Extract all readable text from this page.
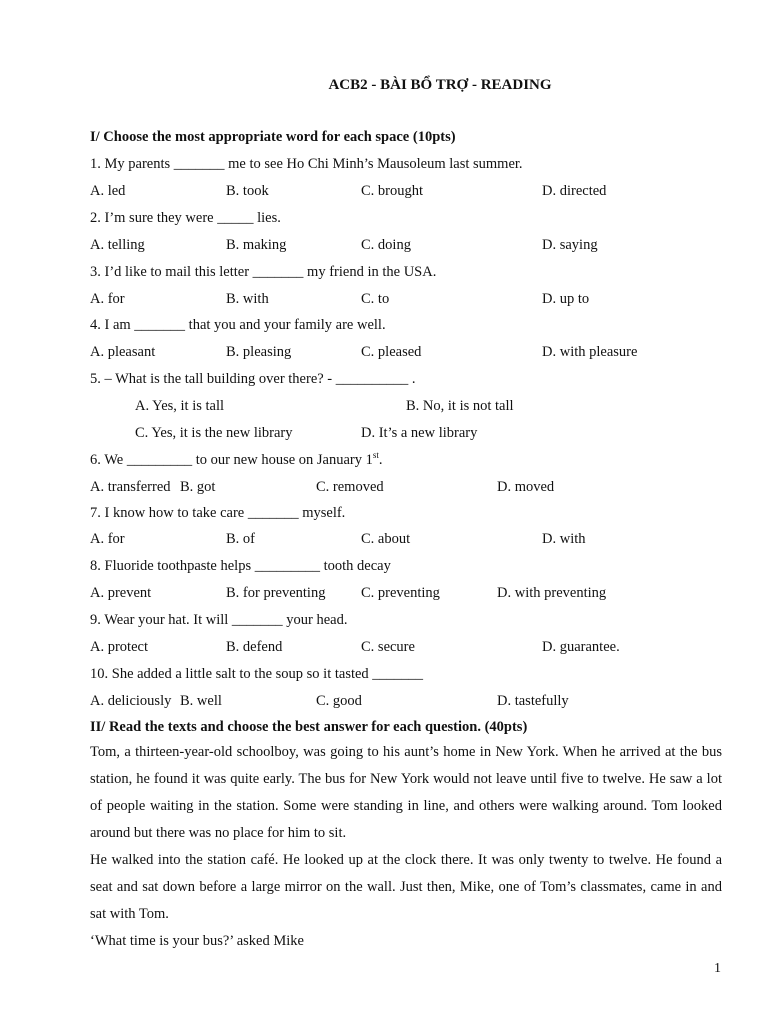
ACB2 - BÀI BỔ TRỢ - READING
I/ Choose the most appropriate word for each space (10pts)
1. My parents _______ me to see Ho Chi Minh’s Mausoleum last summer.
A. led	B. took	C. brought	D. directed
2. I’m sure they were _____ lies.
A. telling	B. making	C. doing	D. saying
3. I’d like to mail this letter _______ my friend in the USA.
A. for	B. with	C. to	D. up to
4. I am _______ that you and your family are well.
A. pleasant	B. pleasing	C. pleased	D. with pleasure
5. – What is the tall building over there? - __________ .
A. Yes, it is tall	B. No, it is not tall
C. Yes, it is the new library	D. It’s a new library
6. We _________ to our new house on January 1st.
A. transferred B. got	C. removed	D. moved
7. I know how to take care _______ myself.
A. for	B. of	C. about	D. with
8. Fluoride toothpaste helps _________ tooth decay
A. prevent	B. for preventing C. preventing	D. with preventing
9. Wear your hat. It will _______ your head.
A. protect	B. defend	C. secure	D. guarantee.
10. She added a little salt to the soup so it tasted _______
A. deliciously B. well	C. good	D. tastefully
II/ Read the texts and choose the best answer for each question. (40pts)

Tom, a thirteen-year-old schoolboy, was going to his aunt’s home in New York. When he arrived at the bus station, he found it was quite early. The bus for New York would not leave until five to twelve. He saw a lot of people waiting in the station. Some were standing in line, and others were walking around. Tom looked around but there was no place for him to sit.

He walked into the station café. He looked up at the clock there. It was only twenty to twelve. He found a seat and sat down before a large mirror on the wall. Just then, Mike, one of Tom’s classmates, came in and sat with Tom.

‘What time is your bus?’ asked Mike

1
